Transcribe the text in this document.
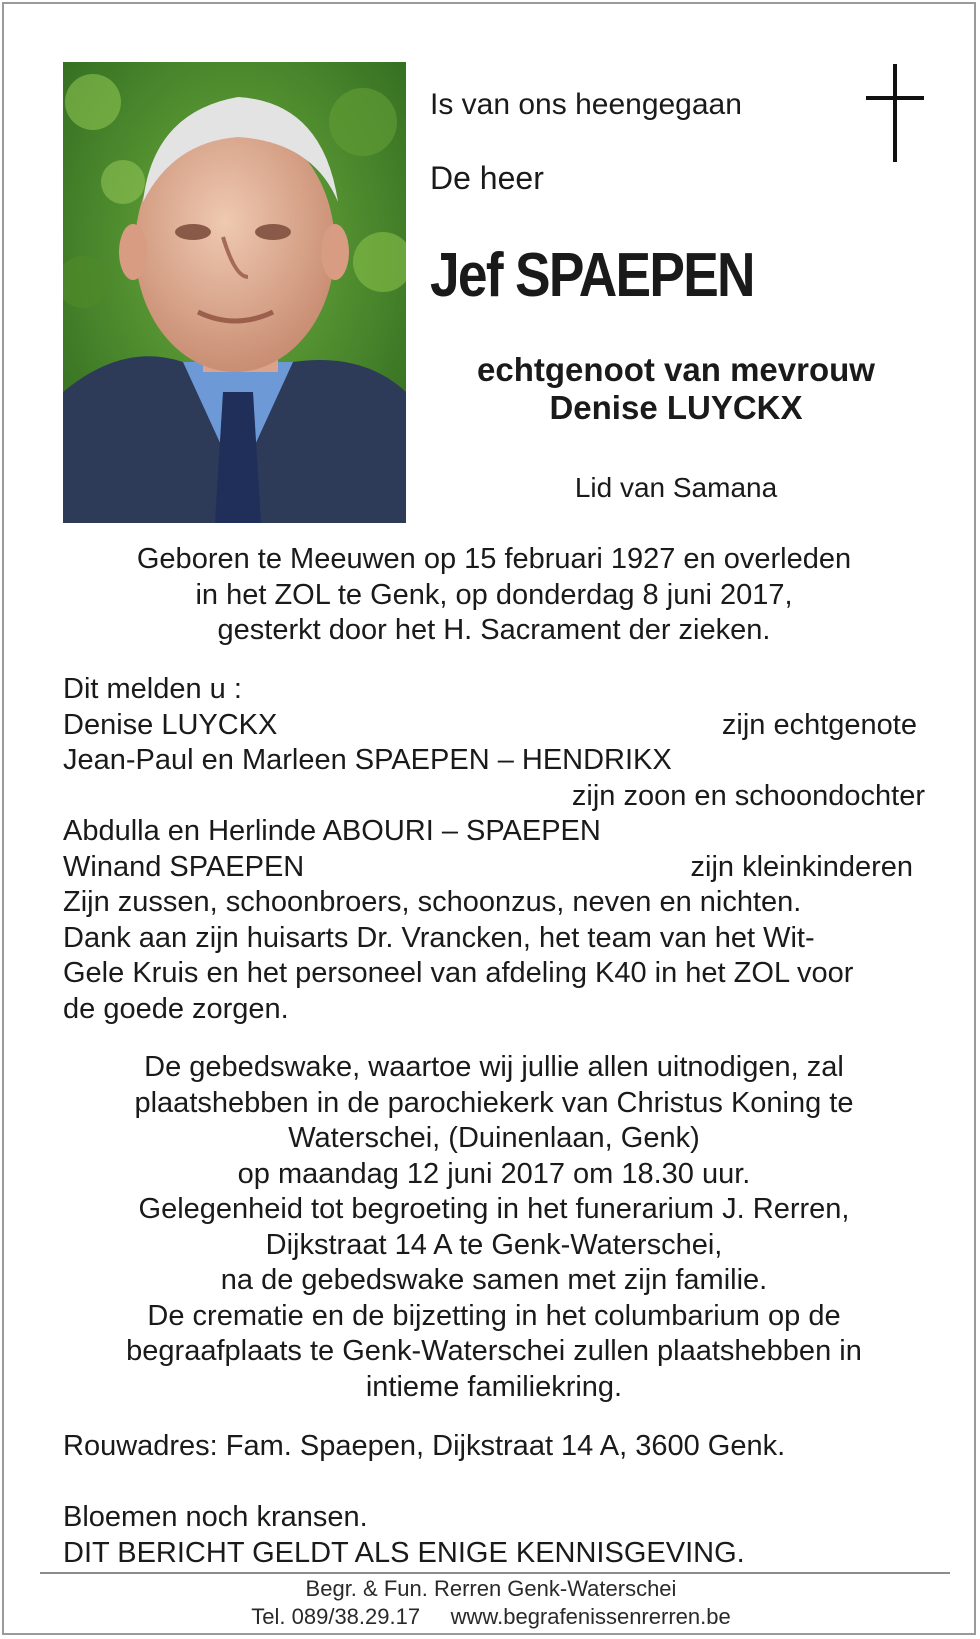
Is van ons heengegaan
De heer
Jef SPAEPEN
echtgenoot van mevrouw
Denise LUYCKX
Lid van Samana
Geboren te Meeuwen op 15 februari 1927 en overleden
in het ZOL te Genk, op donderdag 8 juni 2017,
gesterkt door het H. Sacrament der zieken.
Dit melden u :
Denise LUYCKX	zijn echtgenote
Jean-Paul en Marleen SPAEPEN – HENDRIKX
zijn zoon en schoondochter
Abdulla en Herlinde ABOURI – SPAEPEN
Winand SPAEPEN	zijn kleinkinderen
Zijn zussen, schoonbroers, schoonzus, neven en nichten.
Dank aan zijn huisarts Dr. Vrancken, het team van het Wit-
Gele Kruis en het personeel van afdeling K40 in het ZOL voor
de goede zorgen.
De gebedswake, waartoe wij jullie allen uitnodigen, zal
plaatshebben in de parochiekerk van Christus Koning te
Waterschei, (Duinenlaan, Genk)
op maandag 12 juni 2017 om 18.30 uur.
Gelegenheid tot begroeting in het funerarium J. Rerren,
Dijkstraat 14 A te Genk-Waterschei,
na de gebedswake samen met zijn familie.
De crematie en de bijzetting in het columbarium op de
begraafplaats te Genk-Waterschei zullen plaatshebben in
intieme familiekring.
Rouwadres: Fam. Spaepen, Dijkstraat 14 A, 3600 Genk.
Bloemen noch kransen.
DIT BERICHT GELDT ALS ENIGE KENNISGEVING.
Begr. & Fun. Rerren Genk-Waterschei
Tel. 089/38.29.17 www.begrafenissenrerren.be
